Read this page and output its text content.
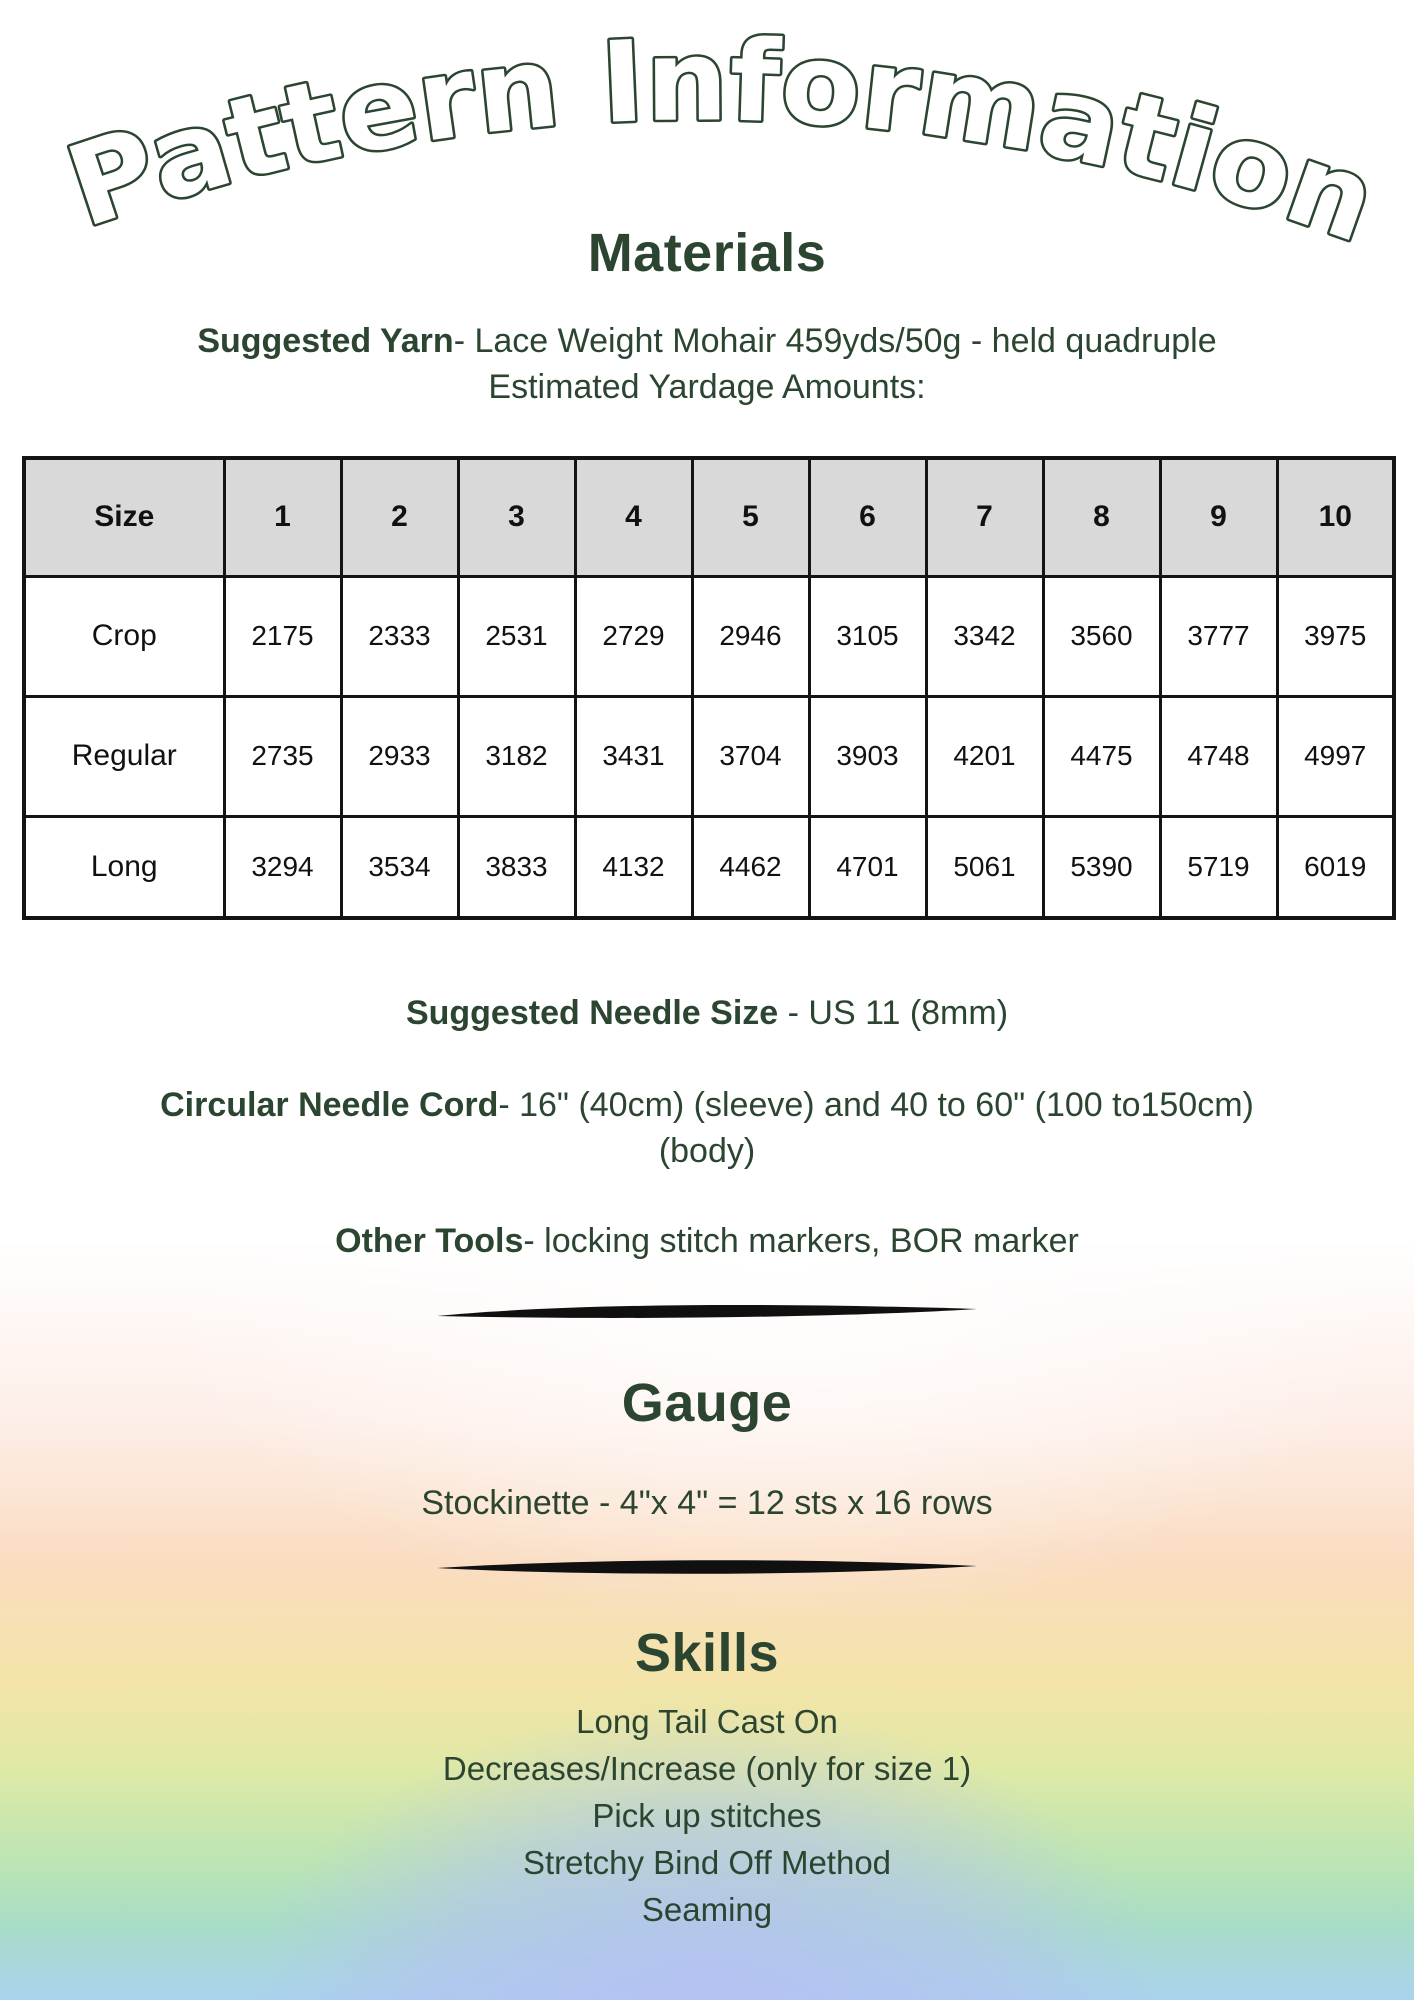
Pattern Information
Materials
Suggested Yarn- Lace Weight Mohair 459yds/50g - held quadruple
Estimated Yardage Amounts:
Size	1	2	3	4	5	6	7	8	9	10
Crop	2175	2333	2531	2729	2946	3105	3342	3560	3777	3975
Regular	2735	2933	3182	3431	3704	3903	4201	4475	4748	4997
Long	3294	3534	3833	4132	4462	4701	5061	5390	5719	6019
Suggested Needle Size - US 11 (8mm)
Circular Needle Cord- 16" (40cm) (sleeve) and 40 to 60" (100 to150cm)
(body)
Other Tools- locking stitch markers, BOR marker
Gauge
Stockinette - 4"x 4" = 12 sts x 16 rows
Skills
Long Tail Cast On
Decreases/Increase (only for size 1)
Pick up stitches
Stretchy Bind Off Method
Seaming
